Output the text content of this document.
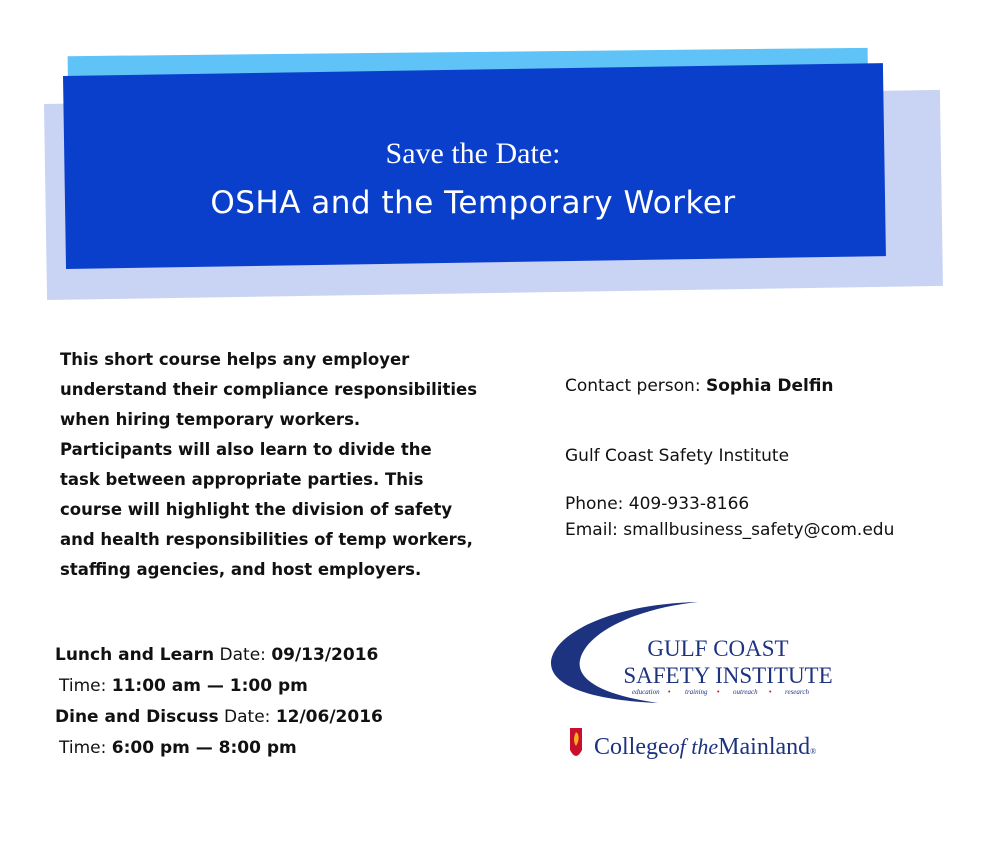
Save the Date:
OSHA and the Temporary Worker
This short course helps any employer
understand their compliance responsibilities
when hiring temporary workers.
Participants will also learn to divide the
task between appropriate parties. This
course will highlight the division of safety
and health responsibilities of temp workers,
staffing agencies, and host employers.
Lunch and Learn Date: 09/13/2016
Time: 11:00 am — 1:00 pm
Dine and Discuss Date: 12/06/2016
Time: 6:00 pm — 8:00 pm
Contact person: Sophia Delfin
Gulf Coast Safety Institute
Phone: 409-933-8166
Email: smallbusiness_safety@com.edu
GULF COAST
SAFETY INSTITUTE
education • training • outreach • research
Collegeof theMainland®
